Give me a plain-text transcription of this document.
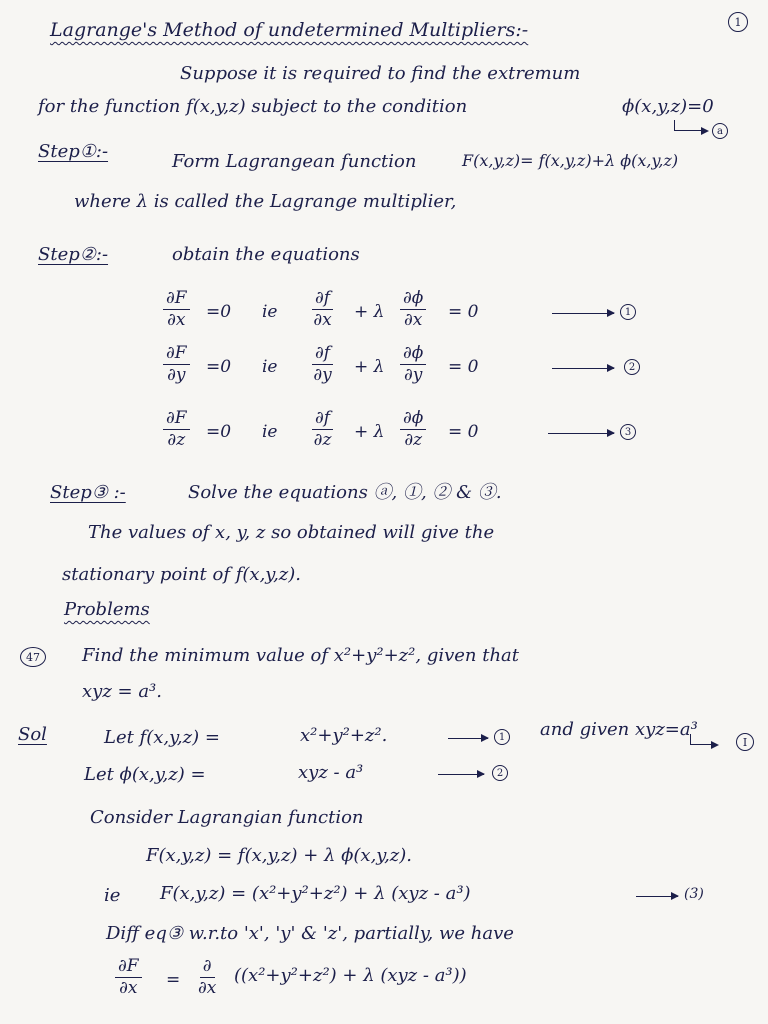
1
Lagrange's Method of undetermined Multipliers:-
Suppose it is required to find the extremum
for the function f(x,y,z) subject to the condition	ϕ(x,y,z)=0
a
Step①:-	Form Lagrangean function	F(x,y,z)= f(x,y,z)+λ ϕ(x,y,z)
where λ is called the Lagrange multiplier,
Step②:-	obtain the equations
$\frac{\partial F}{\partial x} =0$ ie $\frac{\partial f}{\partial x} + \lambda \frac{\partial\phi}{\partial x} = 0$	1
$\frac{\partial F}{\partial y} =0$ ie $\frac{\partial f}{\partial y} + \lambda \frac{\partial\phi}{\partial y} = 0$	2
$\frac{\partial F}{\partial z} =0$ ie $\frac{\partial f}{\partial z} + \lambda \frac{\partial\phi}{\partial z} = 0$	3
Step③ :-	Solve the equations ⓐ, ①, ② & ③.
The values of x, y, z so obtained will give the
stationary point of f(x,y,z).
Problems
47	Find the minimum value of x²+y²+z², given that
xyz = a³.
Sol	Let f(x,y,z) =	x²+y²+z².	1 and given xyz=a³
I
Let ϕ(x,y,z) =	xyz - a³	2
Consider Lagrangian function
F(x,y,z) = f(x,y,z) + λ ϕ(x,y,z).
ie F(x,y,z) = (x²+y²+z²) + λ (xyz - a³)	(3)
Diff eq③ w.r.to 'x', 'y' & 'z', partially, we have
$\frac{\partial F}{\partial x}$ =
∂
∂x
((x²+y²+z²) + λ (xyz - a³))
